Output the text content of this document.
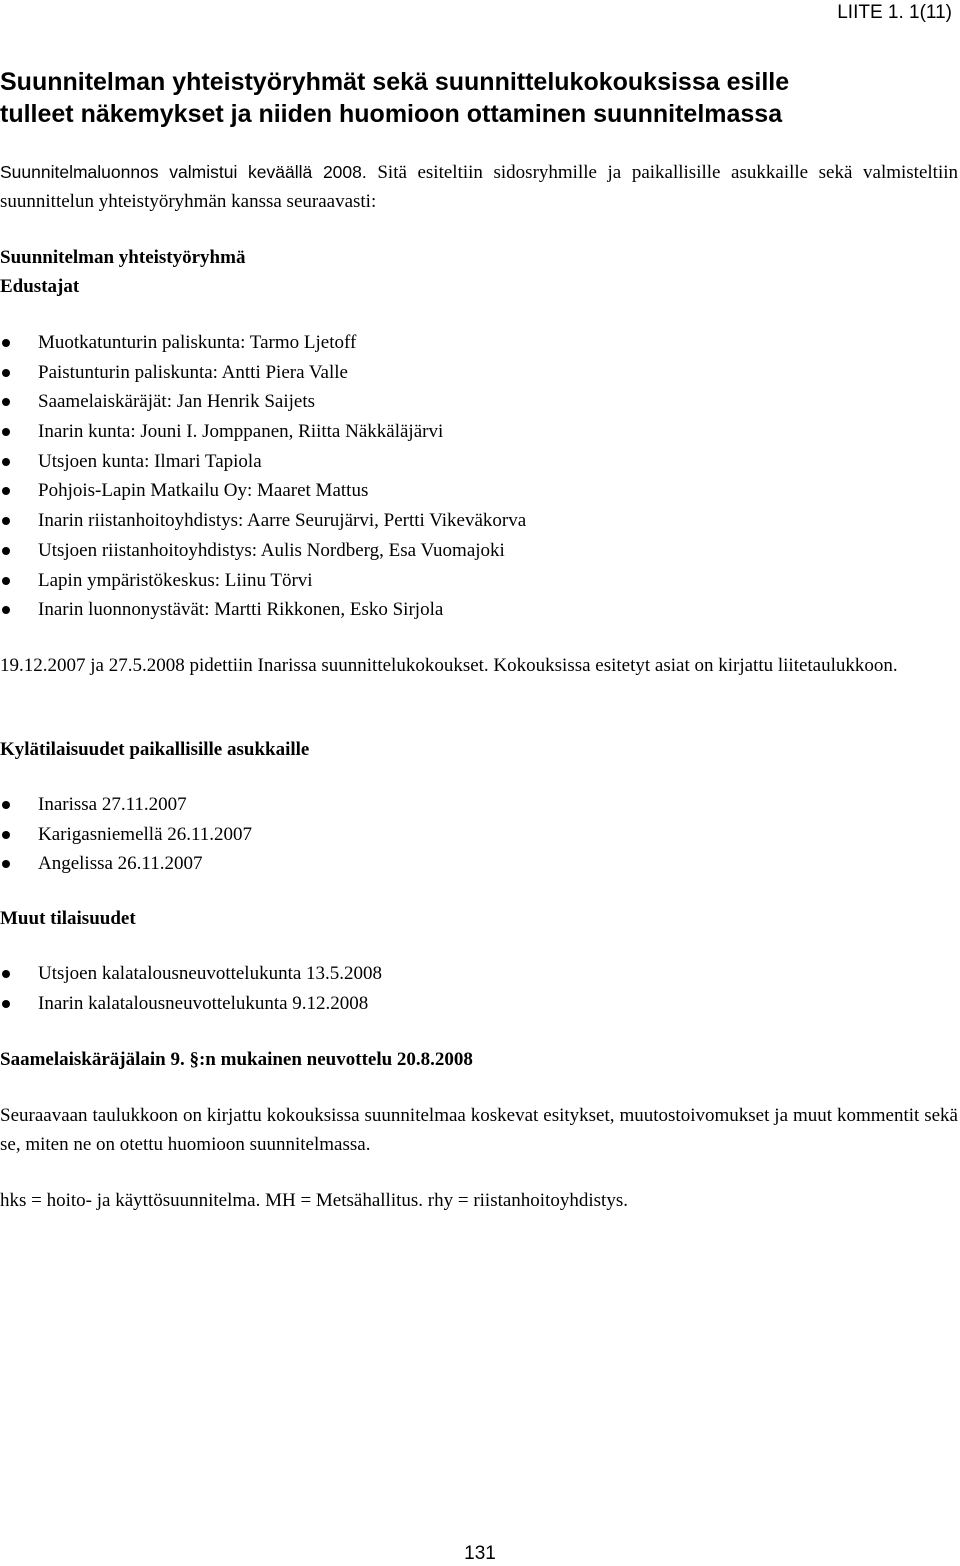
LIITE 1. 1(11)
Suunnitelman yhteistyöryhmät sekä suunnittelukokouksissa esille
tulleet näkemykset ja niiden huomioon ottaminen suunnitelmassa
Suunnitelmaluonnos valmistui keväällä 2008. Sitä esiteltiin sidosryhmille ja paikallisille asukkaille sekä valmisteltiin suunnittelun yhteistyöryhmän kanssa seuraavasti:
Suunnitelman yhteistyöryhmä
Edustajat
Muotkatunturin paliskunta: Tarmo Ljetoff
Paistunturin paliskunta: Antti Piera Valle
Saamelaiskäräjät: Jan Henrik Saijets
Inarin kunta: Jouni I. Jomppanen, Riitta Näkkäläjärvi
Utsjoen kunta: Ilmari Tapiola
Pohjois-Lapin Matkailu Oy: Maaret Mattus
Inarin riistanhoitoyhdistys: Aarre Seurujärvi, Pertti Vikeväkorva
Utsjoen riistanhoitoyhdistys: Aulis Nordberg, Esa Vuomajoki
Lapin ympäristökeskus: Liinu Törvi
Inarin luonnonystävät: Martti Rikkonen, Esko Sirjola
19.12.2007 ja 27.5.2008 pidettiin Inarissa suunnittelukokoukset. Kokouksissa esitetyt asiat on kirjattu liitetaulukkoon.
Kylätilaisuudet paikallisille asukkaille
Inarissa 27.11.2007
Karigasniemellä 26.11.2007
Angelissa 26.11.2007
Muut tilaisuudet
Utsjoen kalatalousneuvottelukunta 13.5.2008
Inarin kalatalousneuvottelukunta 9.12.2008
Saamelaiskäräjälain 9. §:n mukainen neuvottelu 20.8.2008
Seuraavaan taulukkoon on kirjattu kokouksissa suunnitelmaa koskevat esitykset, muutostoivomukset ja muut kommentit sekä se, miten ne on otettu huomioon suunnitelmassa.
hks = hoito- ja käyttösuunnitelma. MH = Metsähallitus. rhy = riistanhoitoyhdistys.
131
